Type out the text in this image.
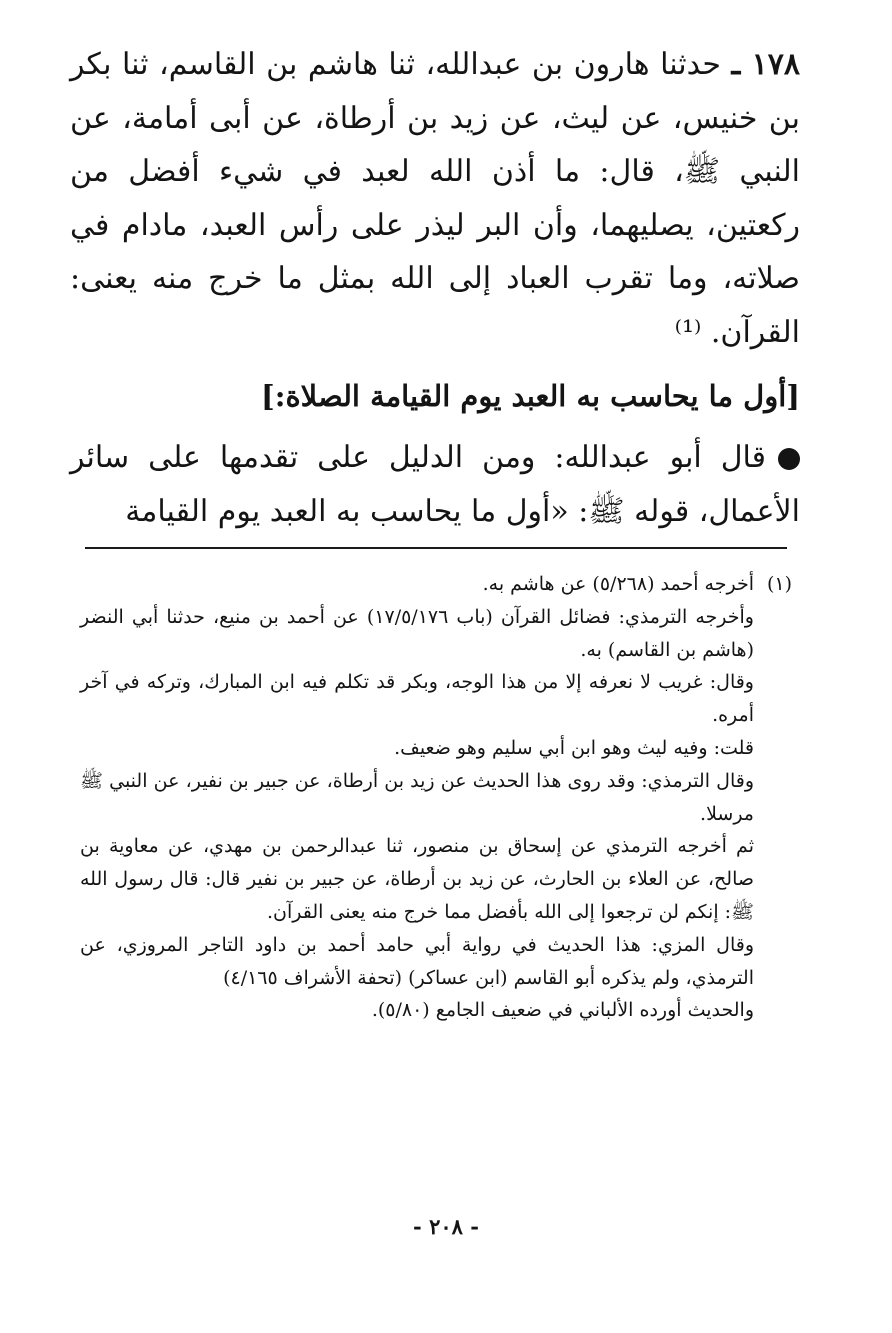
١٧٨ ـ حدثنا هارون بن عبدالله، ثنا هاشم بن القاسم، ثنا بكر بن خنيس، عن ليث، عن زيد بن أرطاة، عن أبى أمامة، عن النبي ﷺ، قال: ما أذن الله لعبد في شيء أفضل من ركعتين، يصليهما، وأن البر ليذر على رأس العبد، مادام في صلاته، وما تقرب العباد إلى الله بمثل ما خرج منه يعنى: القرآن. ⁽¹⁾

[أول ما يحاسب به العبد يوم القيامة الصلاة:]

قال أبو عبدالله: ومن الدليل على تقدمها على سائر الأعمال، قوله ﷺ: «أول ما يحاسب به العبد يوم القيامة

(١)

أخرجه أحمد (٥/٢٦٨) عن هاشم به.

وأخرجه الترمذي: فضائل القرآن (باب ١٧/٥/١٧٦) عن أحمد بن منيع، حدثنا أبي النضر (هاشم بن القاسم) به.

وقال: غريب لا نعرفه إلا من هذا الوجه، وبكر قد تكلم فيه ابن المبارك، وتركه في آخر أمره.

قلت: وفيه ليث وهو ابن أبي سليم وهو ضعيف.

وقال الترمذي: وقد روى هذا الحديث عن زيد بن أرطاة، عن جبير بن نفير، عن النبي ﷺ مرسلا.

ثم أخرجه الترمذي عن إسحاق بن منصور، ثنا عبدالرحمن بن مهدي، عن معاوية بن صالح، عن العلاء بن الحارث، عن زيد بن أرطاة، عن جبير بن نفير قال: قال رسول الله ﷺ: إنكم لن ترجعوا إلى الله بأفضل مما خرج منه يعنى القرآن.

وقال المزي: هذا الحديث في رواية أبي حامد أحمد بن داود التاجر المروزي، عن الترمذي، ولم يذكره أبو القاسم (ابن عساكر) (تحفة الأشراف ٤/١٦٥)

والحديث أورده الألباني في ضعيف الجامع (٥/٨٠).

- ٢٠٨ -
